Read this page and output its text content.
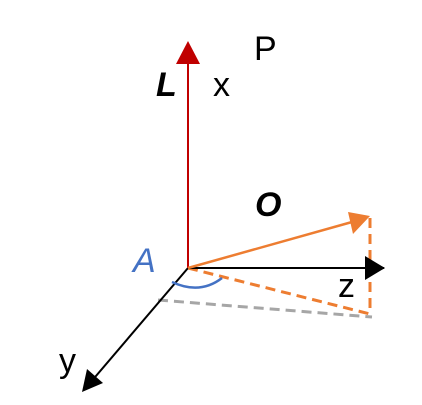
L x
P
O
A
z
y
